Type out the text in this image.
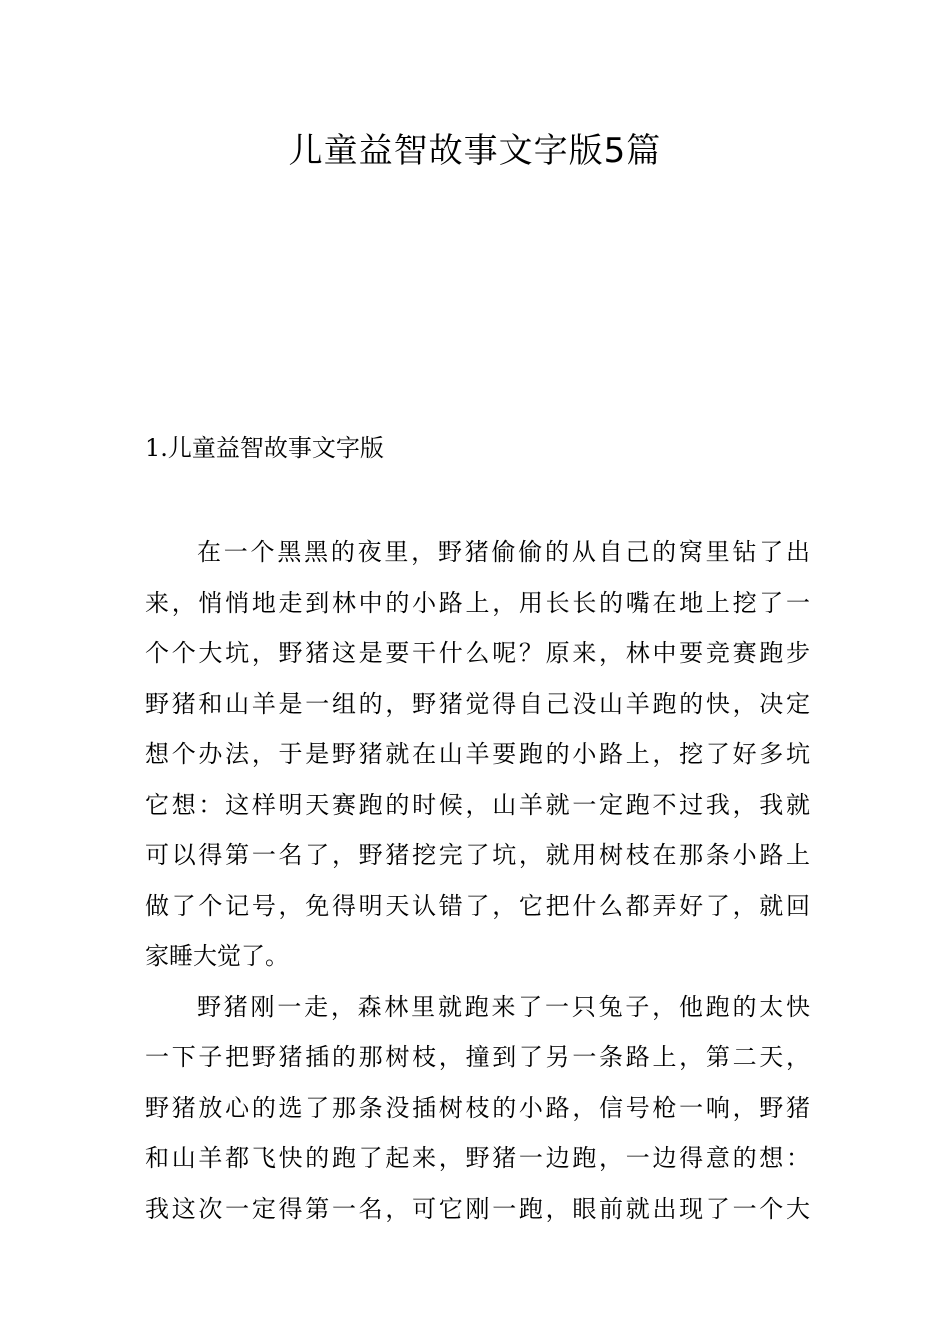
儿童益智故事文字版5篇
1.儿童益智故事文字版
在一个黑黑的夜里，野猪偷偷的从自己的窝里钻了出
来，悄悄地走到林中的小路上，用长长的嘴在地上挖了一
个个大坑，野猪这是要干什么呢？原来，林中要竞赛跑步
野猪和山羊是一组的，野猪觉得自己没山羊跑的快，决定
想个办法，于是野猪就在山羊要跑的小路上，挖了好多坑
它想：这样明天赛跑的时候，山羊就一定跑不过我，我就
可以得第一名了，野猪挖完了坑，就用树枝在那条小路上
做了个记号，免得明天认错了，它把什么都弄好了，就回
家睡大觉了。
野猪刚一走，森林里就跑来了一只兔子，他跑的太快
一下子把野猪插的那树枝，撞到了另一条路上，第二天，
野猪放心的选了那条没插树枝的小路，信号枪一响，野猪
和山羊都飞快的跑了起来，野猪一边跑，一边得意的想：
我这次一定得第一名，可它刚一跑，眼前就出现了一个大
